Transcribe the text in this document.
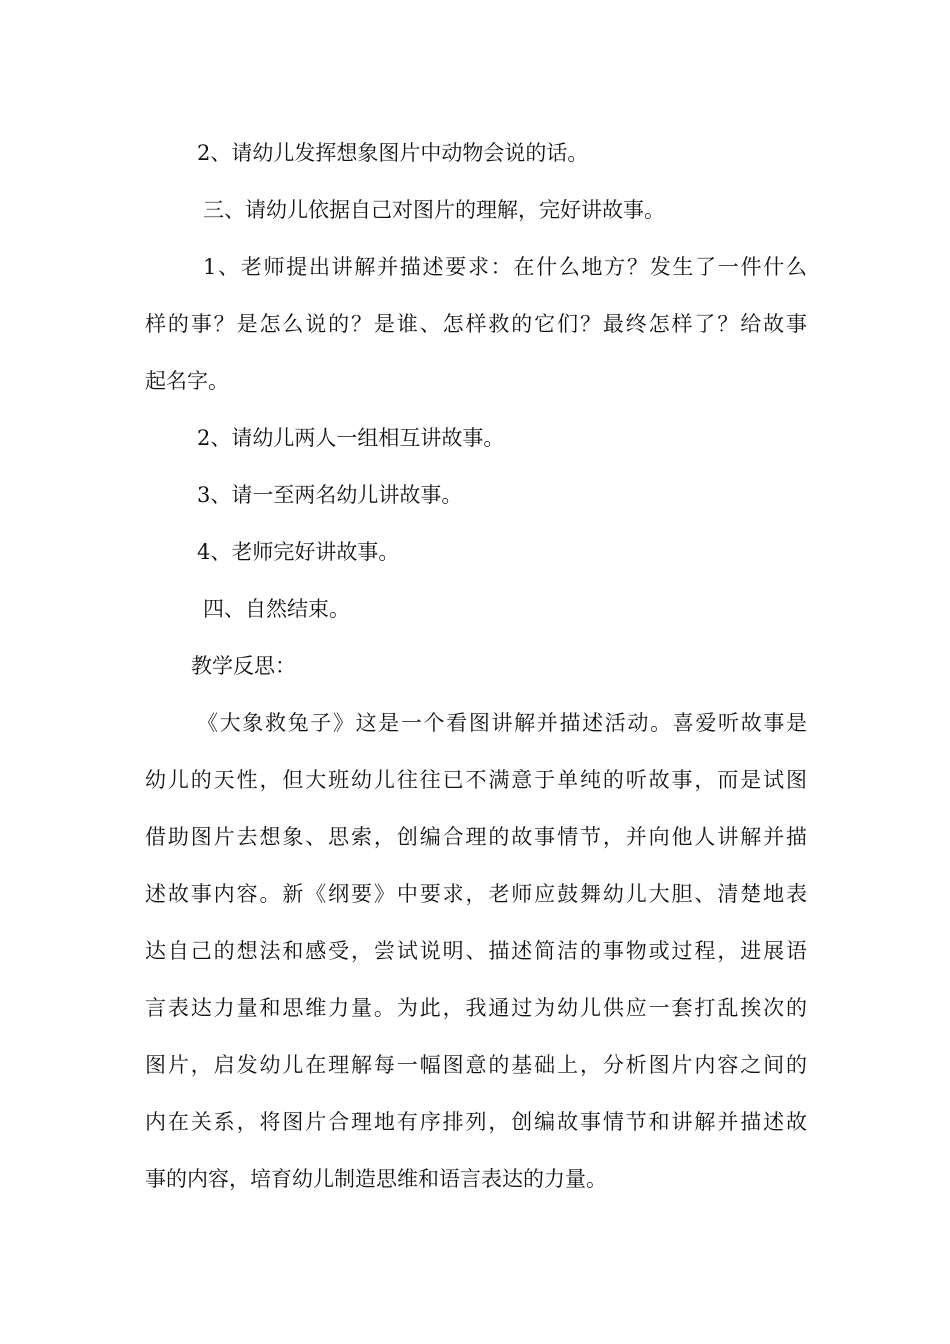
2、请幼儿发挥想象图片中动物会说的话。

三、请幼儿依据自己对图片的理解，完好讲故事。

1、老师提出讲解并描述要求：在什么地方？发生了一件什么
样的事？是怎么说的？是谁、怎样救的它们？最终怎样了？给故事
起名字。

2、请幼儿两人一组相互讲故事。

3、请一至两名幼儿讲故事。

4、老师完好讲故事。

四、自然结束。

教学反思：

《大象救兔子》这是一个看图讲解并描述活动。喜爱听故事是
幼儿的天性，但大班幼儿往往已不满意于单纯的听故事，而是试图
借助图片去想象、思索，创编合理的故事情节，并向他人讲解并描
述故事内容。新《纲要》中要求，老师应鼓舞幼儿大胆、清楚地表
达自己的想法和感受，尝试说明、描述简洁的事物或过程，进展语
言表达力量和思维力量。为此，我通过为幼儿供应一套打乱挨次的
图片，启发幼儿在理解每一幅图意的基础上，分析图片内容之间的
内在关系，将图片合理地有序排列，创编故事情节和讲解并描述故
事的内容，培育幼儿制造思维和语言表达的力量。
